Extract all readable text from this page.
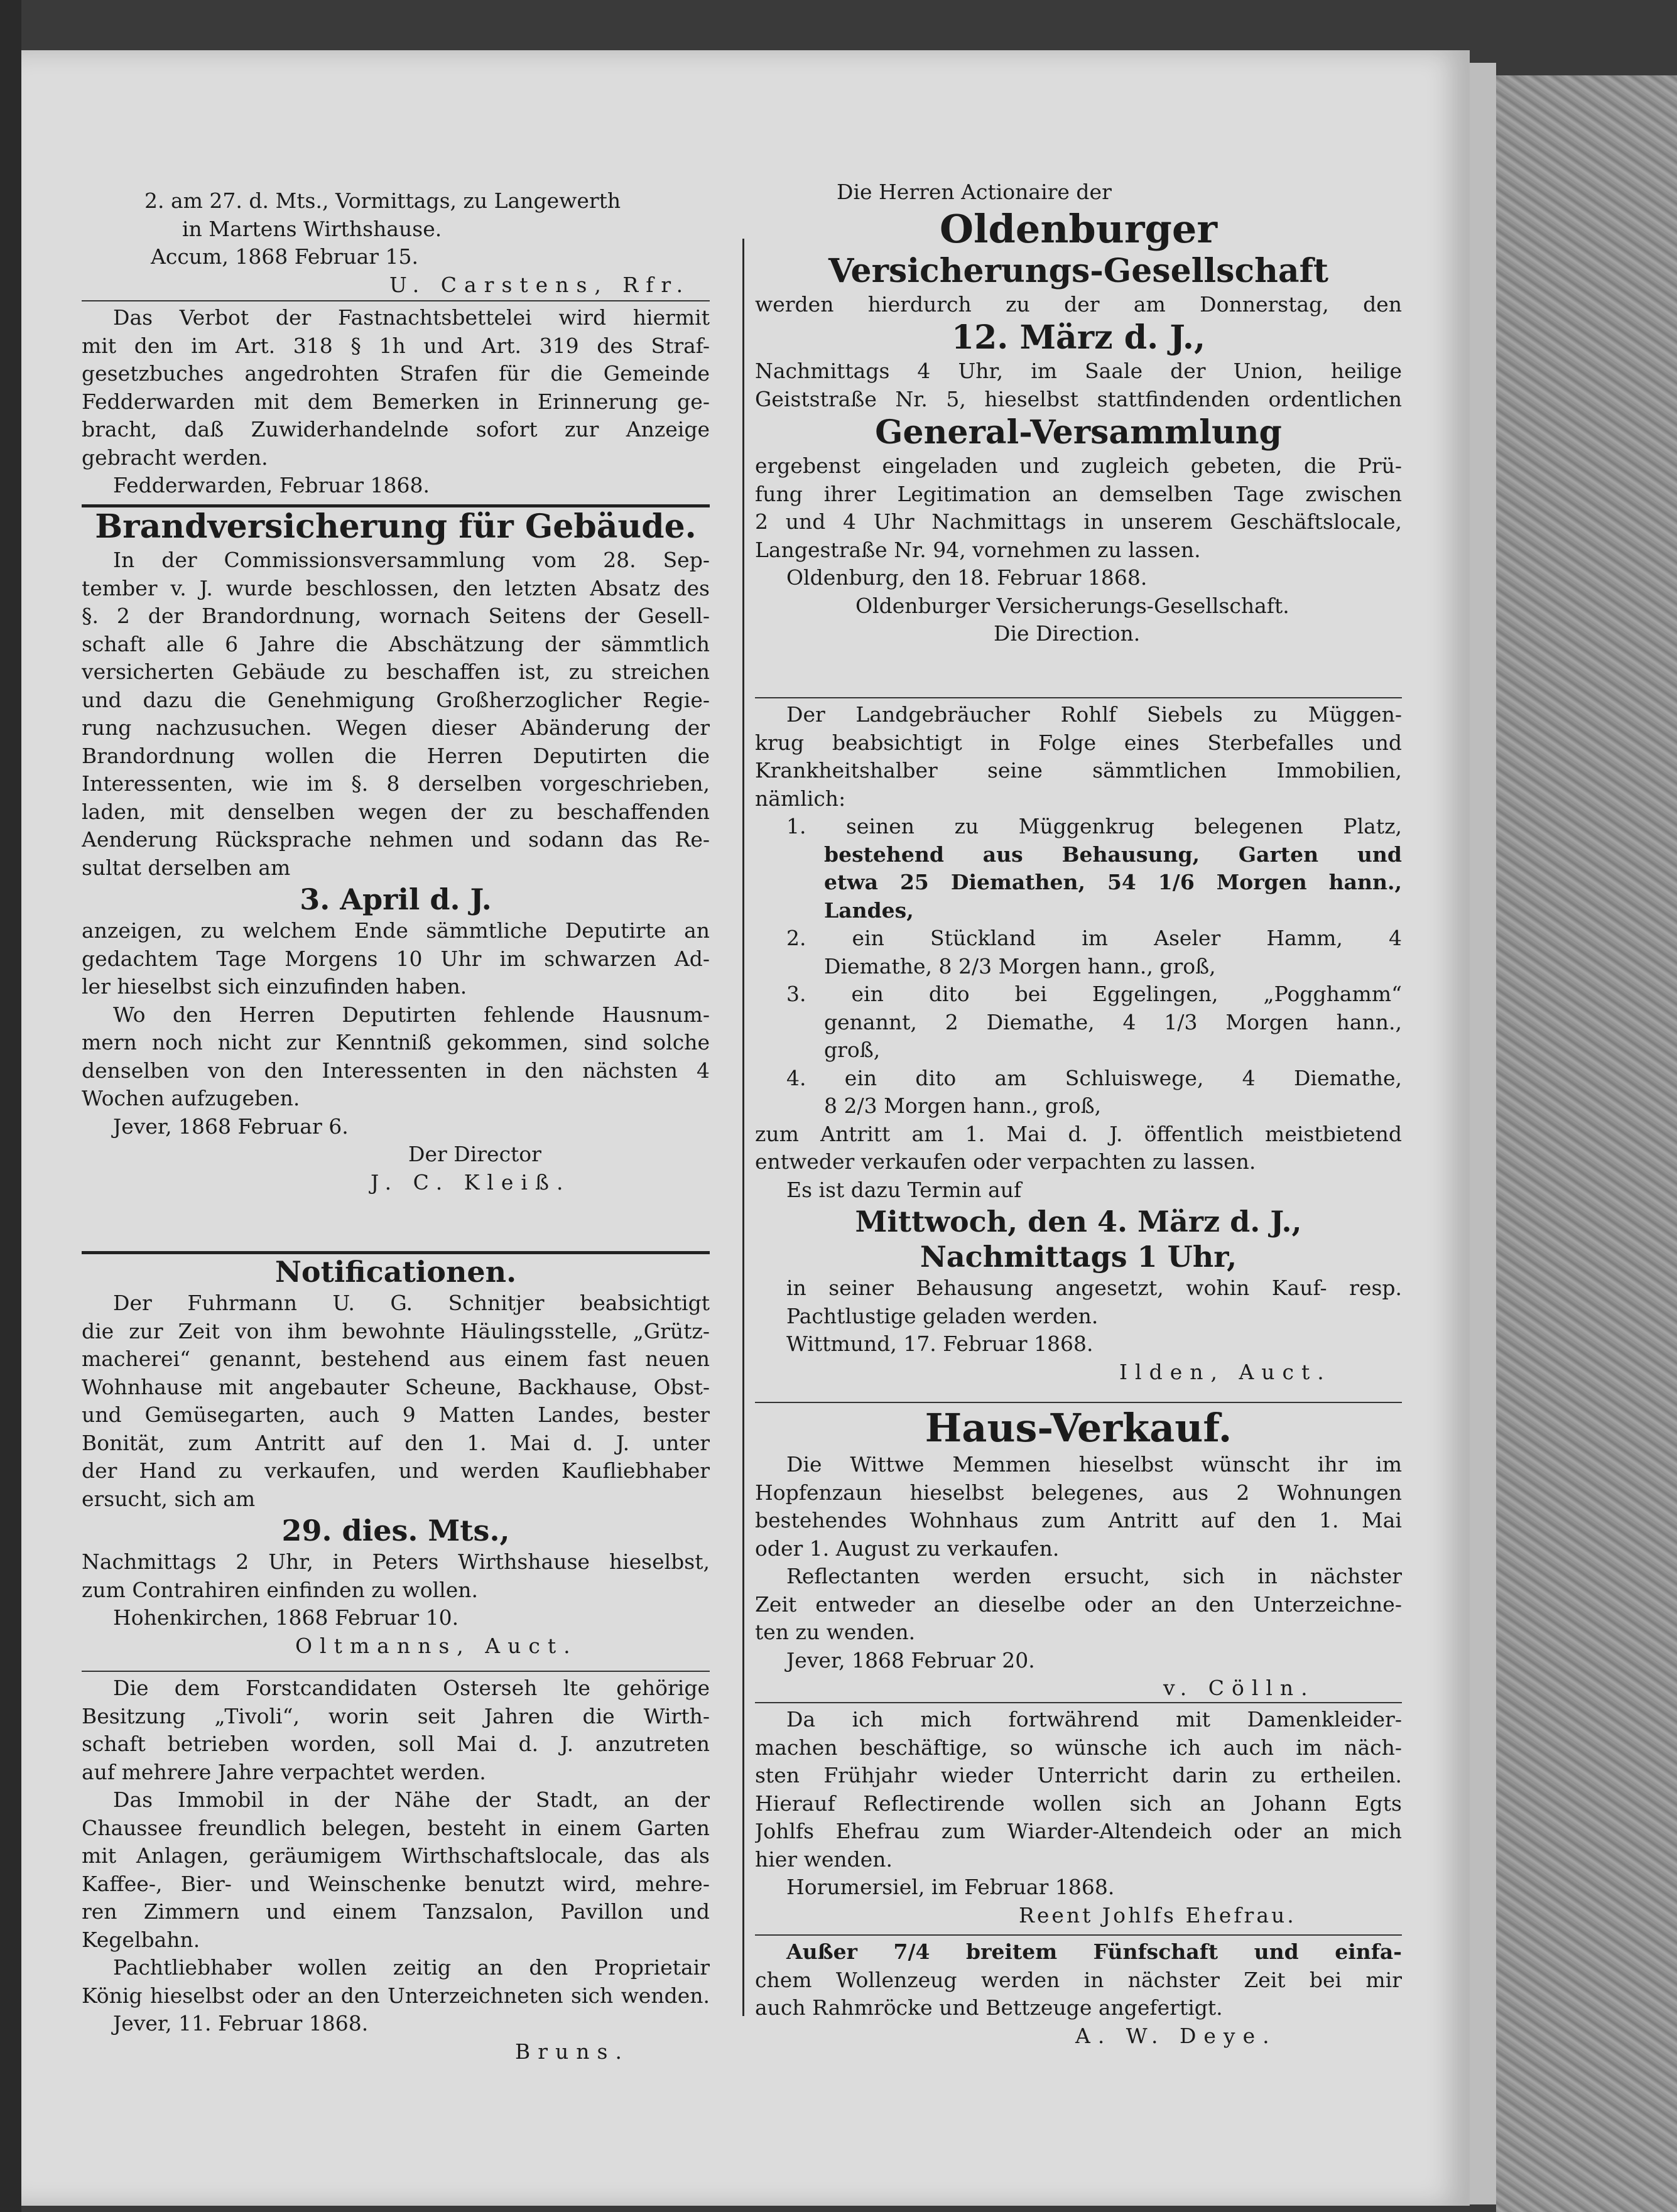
2. am 27. d. Mts., Vormittags, zu Langewerth
in Martens Wirthshause.
Accum, 1868 Februar 15.
U. Carstens, Rfr.
Das Verbot der Fastnachtsbettelei wird hiermit
mit den im Art. 318 § 1h und Art. 319 des Straf-
gesetzbuches angedrohten Strafen für die Gemeinde
Fedderwarden mit dem Bemerken in Erinnerung ge-
bracht, daß Zuwiderhandelnde sofort zur Anzeige
gebracht werden.
Fedderwarden, Februar 1868.
Brandversicherung für Gebäude.
In der Commissionsversammlung vom 28. Sep-
tember v. J. wurde beschlossen, den letzten Absatz des
§. 2 der Brandordnung, wornach Seitens der Gesell-
schaft alle 6 Jahre die Abschätzung der sämmtlich
versicherten Gebäude zu beschaffen ist, zu streichen
und dazu die Genehmigung Großherzoglicher Regie-
rung nachzusuchen. Wegen dieser Abänderung der
Brandordnung wollen die Herren Deputirten die
Interessenten, wie im §. 8 derselben vorgeschrieben,
laden, mit denselben wegen der zu beschaffenden
Aenderung Rücksprache nehmen und sodann das Re-
sultat derselben am
3. April d. J.
anzeigen, zu welchem Ende sämmtliche Deputirte an
gedachtem Tage Morgens 10 Uhr im schwarzen Ad-
ler hieselbst sich einzufinden haben.
Wo den Herren Deputirten fehlende Hausnum-
mern noch nicht zur Kenntniß gekommen, sind solche
denselben von den Interessenten in den nächsten 4
Wochen aufzugeben.
Jever, 1868 Februar 6.
Der Director
J. C. Kleiß.
Notificationen.
Der Fuhrmann U. G. Schnitjer beabsichtigt
die zur Zeit von ihm bewohnte Häulingsstelle, „Grütz-
macherei“ genannt, bestehend aus einem fast neuen
Wohnhause mit angebauter Scheune, Backhause, Obst-
und Gemüsegarten, auch 9 Matten Landes, bester
Bonität, zum Antritt auf den 1. Mai d. J. unter
der Hand zu verkaufen, und werden Kaufliebhaber
ersucht, sich am
29. dies. Mts.,
Nachmittags 2 Uhr, in Peters Wirthshause hieselbst,
zum Contrahiren einfinden zu wollen.
Hohenkirchen, 1868 Februar 10.
Oltmanns, Auct.
Die dem Forstcandidaten Osterseh lte gehörige
Besitzung „Tivoli“, worin seit Jahren die Wirth-
schaft betrieben worden, soll Mai d. J. anzutreten
auf mehrere Jahre verpachtet werden.
Das Immobil in der Nähe der Stadt, an der
Chaussee freundlich belegen, besteht in einem Garten
mit Anlagen, geräumigem Wirthschaftslocale, das als
Kaffee-, Bier- und Weinschenke benutzt wird, mehre-
ren Zimmern und einem Tanzsalon, Pavillon und
Kegelbahn.
Pachtliebhaber wollen zeitig an den Proprietair
König hieselbst oder an den Unterzeichneten sich wenden.
Jever, 11. Februar 1868.
Bruns.
Die Herren Actionaire der
Oldenburger
Versicherungs-Gesellschaft
werden hierdurch zu der am Donnerstag, den
12. März d. J.,
Nachmittags 4 Uhr, im Saale der Union, heilige
Geiststraße Nr. 5, hieselbst stattfindenden ordentlichen
General-Versammlung
ergebenst eingeladen und zugleich gebeten, die Prü-
fung ihrer Legitimation an demselben Tage zwischen
2 und 4 Uhr Nachmittags in unserem Geschäftslocale,
Langestraße Nr. 94, vornehmen zu lassen.
Oldenburg, den 18. Februar 1868.
Oldenburger Versicherungs-Gesellschaft.
Die Direction.
Der Landgebräucher Rohlf Siebels zu Müggen-
krug beabsichtigt in Folge eines Sterbefalles und
Krankheitshalber seine sämmtlichen Immobilien,
nämlich:
1. seinen zu Müggenkrug belegenen Platz,
bestehend aus Behausung, Garten und
etwa 25 Diemathen, 54 1/6 Morgen hann.,
Landes,
2. ein Stückland im Aseler Hamm, 4
Diemathe, 8 2/3 Morgen hann., groß,
3. ein dito bei Eggelingen, „Pogghamm“
genannt, 2 Diemathe, 4 1/3 Morgen hann.,
groß,
4. ein dito am Schluiswege, 4 Diemathe,
8 2/3 Morgen hann., groß,
zum Antritt am 1. Mai d. J. öffentlich meistbietend
entweder verkaufen oder verpachten zu lassen.
Es ist dazu Termin auf
Mittwoch, den 4. März d. J.,
Nachmittags 1 Uhr,
in seiner Behausung angesetzt, wohin Kauf- resp.
Pachtlustige geladen werden.
Wittmund, 17. Februar 1868.
Ilden, Auct.
Haus-Verkauf.
Die Wittwe Memmen hieselbst wünscht ihr im
Hopfenzaun hieselbst belegenes, aus 2 Wohnungen
bestehendes Wohnhaus zum Antritt auf den 1. Mai
oder 1. August zu verkaufen.
Reflectanten werden ersucht, sich in nächster
Zeit entweder an dieselbe oder an den Unterzeichne-
ten zu wenden.
Jever, 1868 Februar 20.
v. Cölln.
Da ich mich fortwährend mit Damenkleider-
machen beschäftige, so wünsche ich auch im näch-
sten Frühjahr wieder Unterricht darin zu ertheilen.
Hierauf Reflectirende wollen sich an Johann Egts
Johlfs Ehefrau zum Wiarder-Altendeich oder an mich
hier wenden.
Horumersiel, im Februar 1868.
Reent Johlfs Ehefrau.
Außer 7/4 breitem Fünfschaft und einfa-
chem Wollenzeug werden in nächster Zeit bei mir
auch Rahmröcke und Bettzeuge angefertigt.
A. W. Deye.
